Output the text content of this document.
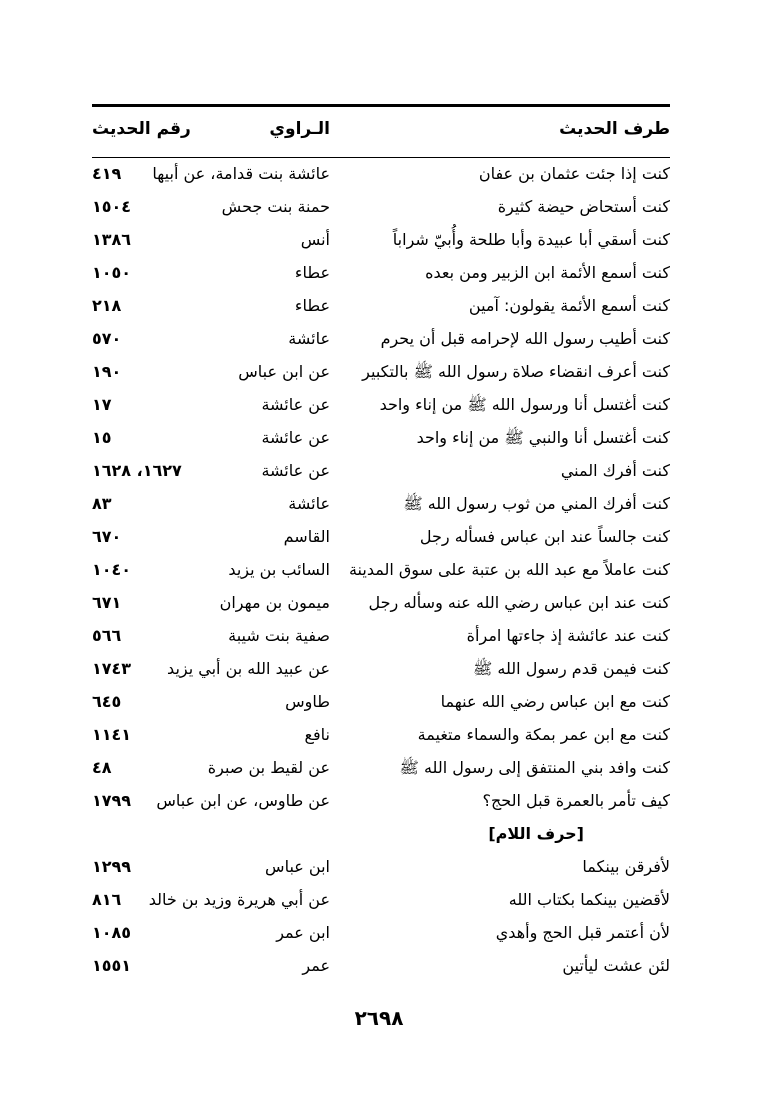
طرف الحديث
الـراوي
رقم الحديث
كنت إذا جئت عثمان بن عفان
عائشة بنت قدامة، عن أبيها
٤١٩
كنت أستحاض حيضة كثيرة
حمنة بنت جحش
١٥٠٤
كنت أسقي أبا عبيدة وأبا طلحة وأُبيّ شراباً
أنس
١٣٨٦
كنت أسمع الأئمة ابن الزبير ومن بعده
عطاء
١٠٥٠
كنت أسمع الأئمة يقولون: آمين
عطاء
٢١٨
كنت أطيب رسول الله لإحرامه قبل أن يحرم
عائشة
٥٧٠
كنت أعرف انقضاء صلاة رسول الله ﷺ بالتكبير
عن ابن عباس
١٩٠
كنت أغتسل أنا ورسول الله ﷺ من إناء واحد
عن عائشة
١٧
كنت أغتسل أنا والنبي ﷺ من إناء واحد
عن عائشة
١٥
كنت أفرك المني
عن عائشة
١٦٢٧، ١٦٢٨
كنت أفرك المني من ثوب رسول الله ﷺ
عائشة
٨٣
كنت جالساً عند ابن عباس فسأله رجل
القاسم
٦٧٠
كنت عاملاً مع عبد الله بن عتبة على سوق المدينة
السائب بن يزيد
١٠٤٠
كنت عند ابن عباس رضي الله عنه وسأله رجل
ميمون بن مهران
٦٧١
كنت عند عائشة إذ جاءتها امرأة
صفية بنت شيبة
٥٦٦
كنت فيمن قدم رسول الله ﷺ
عن عبيد الله بن أبي يزيد
١٧٤٣
كنت مع ابن عباس رضي الله عنهما
طاوس
٦٤٥
كنت مع ابن عمر بمكة والسماء متغيمة
نافع
١١٤١
كنت وافد بني المنتفق إلى رسول الله ﷺ
عن لقيط بن صبرة
٤٨
كيف تأمر بالعمرة قبل الحج؟
عن طاوس، عن ابن عباس
١٧٩٩
[حرف اللام]
لأفرقن بينكما
ابن عباس
١٢٩٩
لأقضين بينكما بكتاب الله
عن أبي هريرة وزيد بن خالد
٨١٦
لأن أعتمر قبل الحج وأهدي
ابن عمر
١٠٨٥
لئن عشت ليأتين
عمر
١٥٥١
٢٦٩٨
